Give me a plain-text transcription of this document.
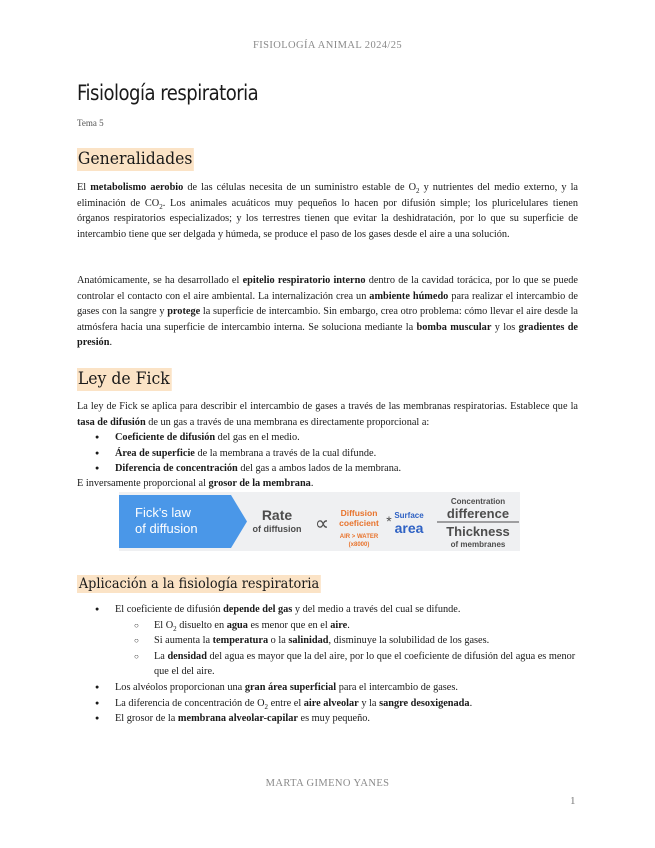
FISIOLOGÍA ANIMAL 2024/25
Fisiología respiratoria
Tema 5
Generalidades

El metabolismo aerobio de las células necesita de un suministro estable de $O_2$ y nutrientes del medio externo, y la eliminación de $CO_2$. Los animales acuáticos muy pequeños lo hacen por difusión simple; los pluricelulares tienen órganos respiratorios especializados; y los terrestres tienen que evitar la deshidratación, por lo que su superficie de intercambio tiene que ser delgada y húmeda, se produce el paso de los gases desde el aire a una solución.

Anatómicamente, se ha desarrollado el epitelio respiratorio interno dentro de la cavidad torácica, por lo que se puede controlar el contacto con el aire ambiental. La internalización crea un ambiente húmedo para realizar el intercambio de gases con la sangre y protege la superficie de intercambio. Sin embargo, crea otro problema: cómo llevar el aire desde la atmósfera hacia una superficie de intercambio interna. Se soluciona mediante la bomba muscular y los gradientes de presión.

Ley de Fick

La ley de Fick se aplica para describir el intercambio de gases a través de las membranas respiratorias. Establece que la tasa de difusión de un gas a través de una membrana es directamente proporcional a:

● Coeficiente de difusión del gas en el medio.
● Área de superficie de la membrana a través de la cual difunde.
● Diferencia de concentración del gas a ambos lados de la membrana.

E inversamente proporcional al grosor de la membrana.

Fick's law
of diffusion
Rate
of diffusion ∝ Diffusion
coeficient
AIR > WATER
(x8000)
* Surface
area
Concentration
difference
Thickness
of membranes
Aplicación a la fisiología respiratoria
● El coeficiente de difusión depende del gas y del medio a través del cual se difunde.
○ El $O_2$ disuelto en agua es menor que en el aire.
○ Si aumenta la temperatura o la salinidad, disminuye la solubilidad de los gases.
○ La densidad del agua es mayor que la del aire, por lo que el coeficiente de difusión del agua es menor que el del aire.
● Los alvéolos proporcionan una gran área superficial para el intercambio de gases.
● La diferencia de concentración de $O_2$ entre el aire alveolar y la sangre desoxigenada.
● El grosor de la membrana alveolar-capilar es muy pequeño.
MARTA GIMENO YANES
1
